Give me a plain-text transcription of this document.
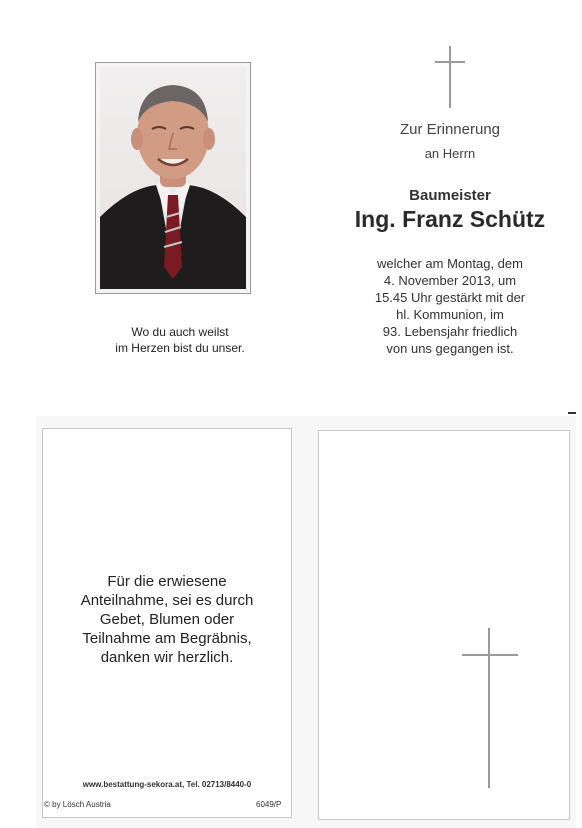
Wo du auch weilst
im Herzen bist du unser.
Zur Erinnerung
an Herrn
Baumeister
Ing. Franz Schütz
welcher am Montag, dem
4. November 2013, um
15.45 Uhr gestärkt mit der
hl. Kommunion, im
93. Lebensjahr friedlich
von uns gegangen ist.
Für die erwiesene
Anteilnahme, sei es durch
Gebet, Blumen oder
Teilnahme am Begräbnis,
danken wir herzlich.
www.bestattung-sekora.at, Tel. 02713/8440-0
© by Lösch Austria	6049/P
